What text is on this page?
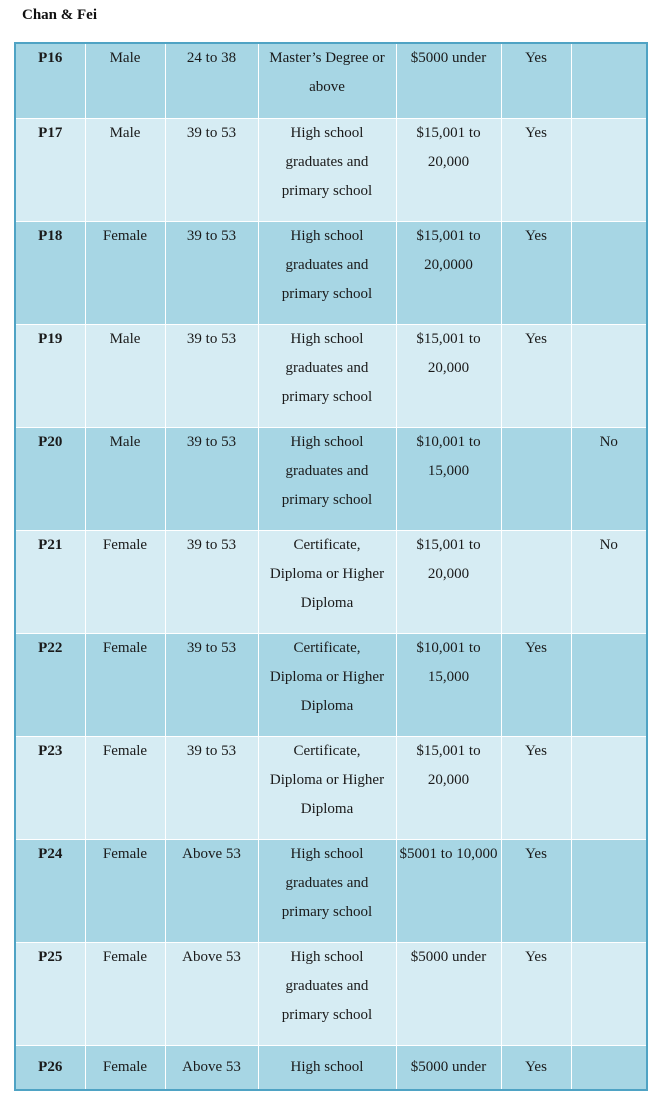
Chan & Fei
P16	Male	24 to 38	Master’s Degree or above	$5000 under	Yes	
P17	Male	39 to 53	High school graduates and primary school	$15,001 to 20,000	Yes	
P18	Female	39 to 53	High school graduates and primary school	$15,001 to 20,0000	Yes	
P19	Male	39 to 53	High school graduates and primary school	$15,001 to 20,000	Yes	
P20	Male	39 to 53	High school graduates and primary school	$10,001 to 15,000		No
P21	Female	39 to 53	Certificate, Diploma or Higher Diploma	$15,001 to 20,000		No
P22	Female	39 to 53	Certificate, Diploma or Higher Diploma	$10,001 to 15,000	Yes	
P23	Female	39 to 53	Certificate, Diploma or Higher Diploma	$15,001 to 20,000	Yes	
P24	Female	Above 53	High school graduates and primary school	$5001 to 10,000	Yes	
P25	Female	Above 53	High school graduates and primary school	$5000 under	Yes	
P26	Female	Above 53	High school	$5000 under	Yes	
